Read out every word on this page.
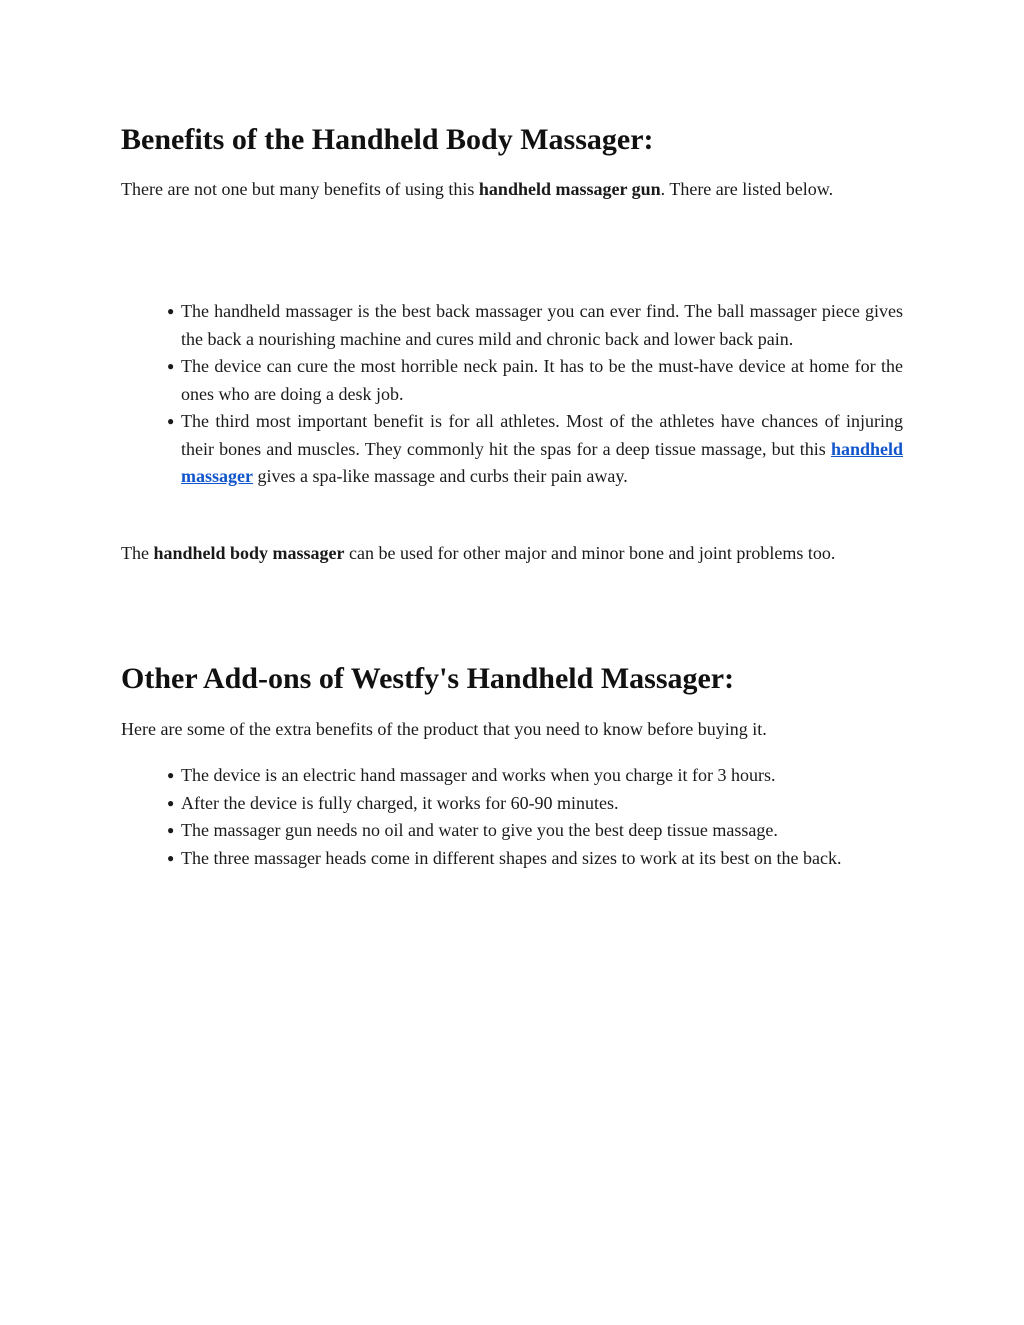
Benefits of the Handheld Body Massager:

There are not one but many benefits of using this handheld massager gun. There are listed below.

● The handheld massager is the best back massager you can ever find. The ball massager piece gives the back a nourishing machine and cures mild and chronic back and lower back pain.
● The device can cure the most horrible neck pain. It has to be the must-have device at home for the ones who are doing a desk job.
● The third most important benefit is for all athletes. Most of the athletes have chances of injuring their bones and muscles. They commonly hit the spas for a deep tissue massage, but this handheld massager gives a spa-like massage and curbs their pain away.

The handheld body massager can be used for other major and minor bone and joint problems too.

Other Add-ons of Westfy's Handheld Massager:

Here are some of the extra benefits of the product that you need to know before buying it.

● The device is an electric hand massager and works when you charge it for 3 hours.
● After the device is fully charged, it works for 60-90 minutes.
● The massager gun needs no oil and water to give you the best deep tissue massage.
● The three massager heads come in different shapes and sizes to work at its best on the back.
